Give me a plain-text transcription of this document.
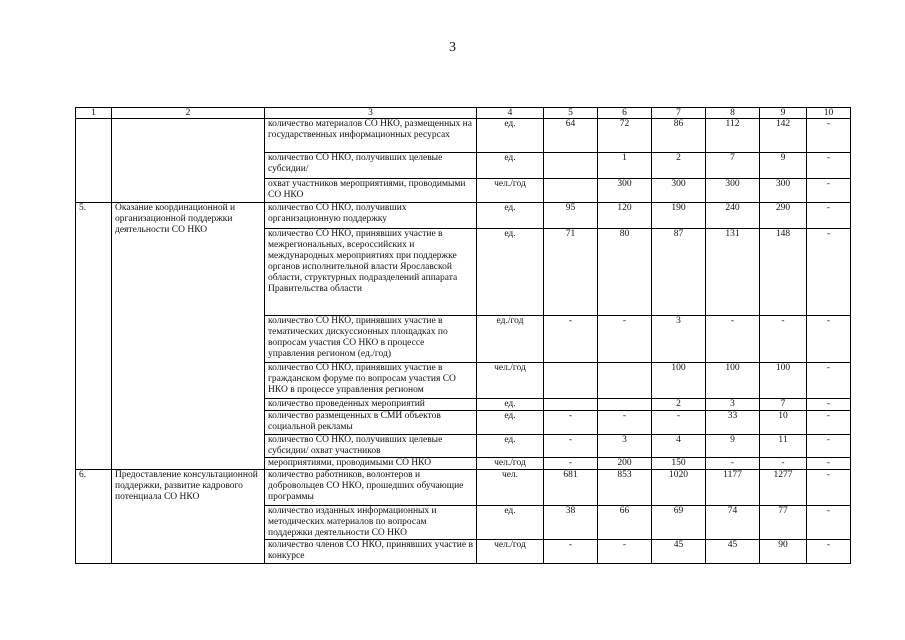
3
1	2	3	4	5	6	7	8	9	10
		количество материалов СО НКО, размещенных на государственных информационных ресурсах	ед.	64	72	86	112	142	-
		количество СО НКО, получивших целевые субсидии/	ед.		1	2	7	9	-
		охват участников мероприятиями, проводимыми СО НКО	чел./год		300	300	300	300	-
5.	Оказание координационной и организационной поддержки деятельности СО НКО	количество СО НКО, получивших организационную поддержку	ед.	95	120	190	240	290	-
		количество СО НКО, принявших участие в межрегиональных, всероссийских и международных мероприятиях при поддержке органов исполнительной власти Ярославской области, структурных подразделений аппарата Правительства области	ед.	71	80	87	131	148	-
		количество СО НКО, принявших участие в тематических дискуссионных площадках по вопросам участия СО НКО в процессе управления регионом (ед./год)	ед./год	-	-	3	-	-	-
		количество СО НКО, принявших участие в гражданском форуме по вопросам участия СО НКО в процессе управления регионом	чел./год			100	100	100	-
		количество проведенных мероприятий	ед.			2	3	7	-
		количество размещенных в СМИ объектов социальной рекламы	ед.	-	-	-	33	10	-
		количество СО НКО, получивших целевые субсидии/ охват участников	ед.	-	3	4	9	11	-
		мероприятиями, проводимыми СО НКО	чел./год	-	200	150	-	-	-
6.	Предоставление консультационной поддержки, развитие кадрового потенциала СО НКО	количество работников, волонтеров и добровольцев СО НКО, прошедших обучающие программы	чел.	681	853	1020	1177	1277	-
		количество изданных информационных и методических материалов по вопросам поддержки деятельности СО НКО	ед.	38	66	69	74	77	-
		количество членов СО НКО, принявших участие в конкурсе	чел./год	-	-	45	45	90	-
